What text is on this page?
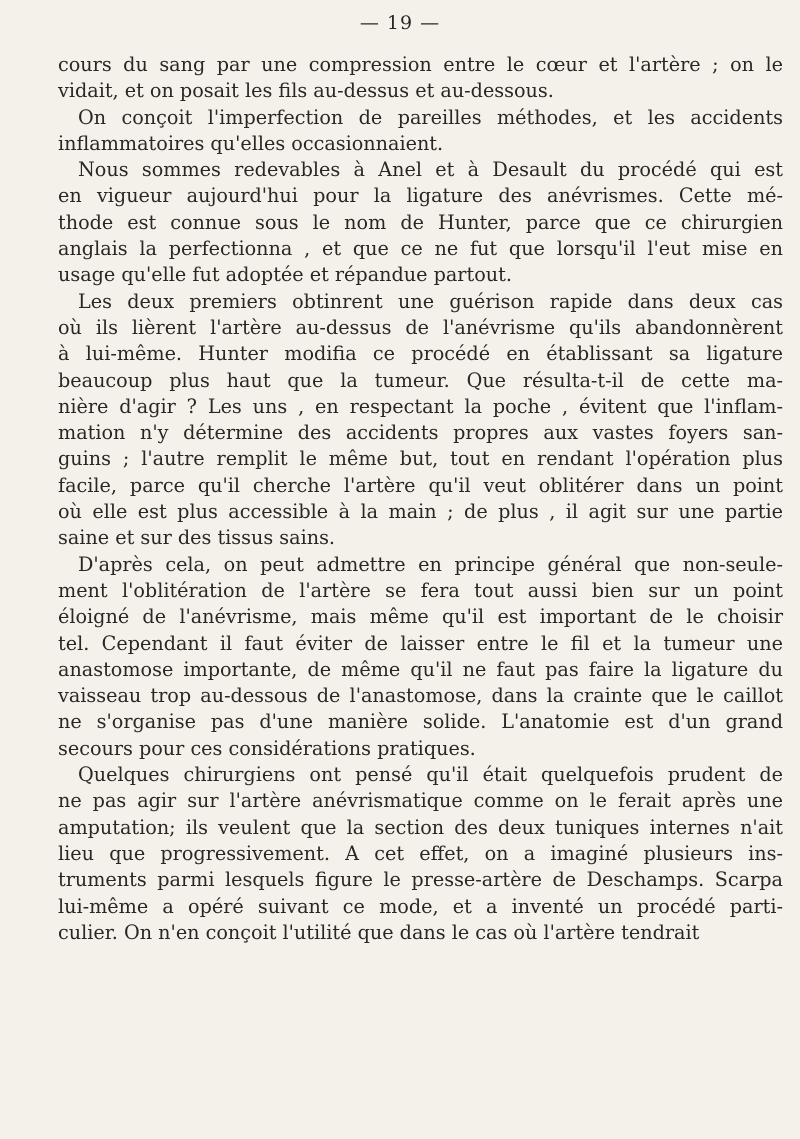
— 19 —
cours du sang par une compression entre le cœur et l'artère ; on le
vidait, et on posait les fils au-dessus et au-dessous.
On conçoit l'imperfection de pareilles méthodes, et les accidents
inflammatoires qu'elles occasionnaient.
Nous sommes redevables à Anel et à Desault du procédé qui est
en vigueur aujourd'hui pour la ligature des anévrismes. Cette mé-
thode est connue sous le nom de Hunter, parce que ce chirurgien
anglais la perfectionna , et que ce ne fut que lorsqu'il l'eut mise en
usage qu'elle fut adoptée et répandue partout.
Les deux premiers obtinrent une guérison rapide dans deux cas
où ils lièrent l'artère au-dessus de l'anévrisme qu'ils abandonnèrent
à lui-même. Hunter modifia ce procédé en établissant sa ligature
beaucoup plus haut que la tumeur. Que résulta-t-il de cette ma-
nière d'agir ? Les uns , en respectant la poche , évitent que l'inflam-
mation n'y détermine des accidents propres aux vastes foyers san-
guins ; l'autre remplit le même but, tout en rendant l'opération plus
facile, parce qu'il cherche l'artère qu'il veut oblitérer dans un point
où elle est plus accessible à la main ; de plus , il agit sur une partie
saine et sur des tissus sains.
D'après cela, on peut admettre en principe général que non-seule-
ment l'oblitération de l'artère se fera tout aussi bien sur un point
éloigné de l'anévrisme, mais même qu'il est important de le choisir
tel. Cependant il faut éviter de laisser entre le fil et la tumeur une
anastomose importante, de même qu'il ne faut pas faire la ligature du
vaisseau trop au-dessous de l'anastomose, dans la crainte que le caillot
ne s'organise pas d'une manière solide. L'anatomie est d'un grand
secours pour ces considérations pratiques.
Quelques chirurgiens ont pensé qu'il était quelquefois prudent de
ne pas agir sur l'artère anévrismatique comme on le ferait après une
amputation; ils veulent que la section des deux tuniques internes n'ait
lieu que progressivement. A cet effet, on a imaginé plusieurs ins-
truments parmi lesquels figure le presse-artère de Deschamps. Scarpa
lui-même a opéré suivant ce mode, et a inventé un procédé parti-
culier. On n'en conçoit l'utilité que dans le cas où l'artère tendrait
